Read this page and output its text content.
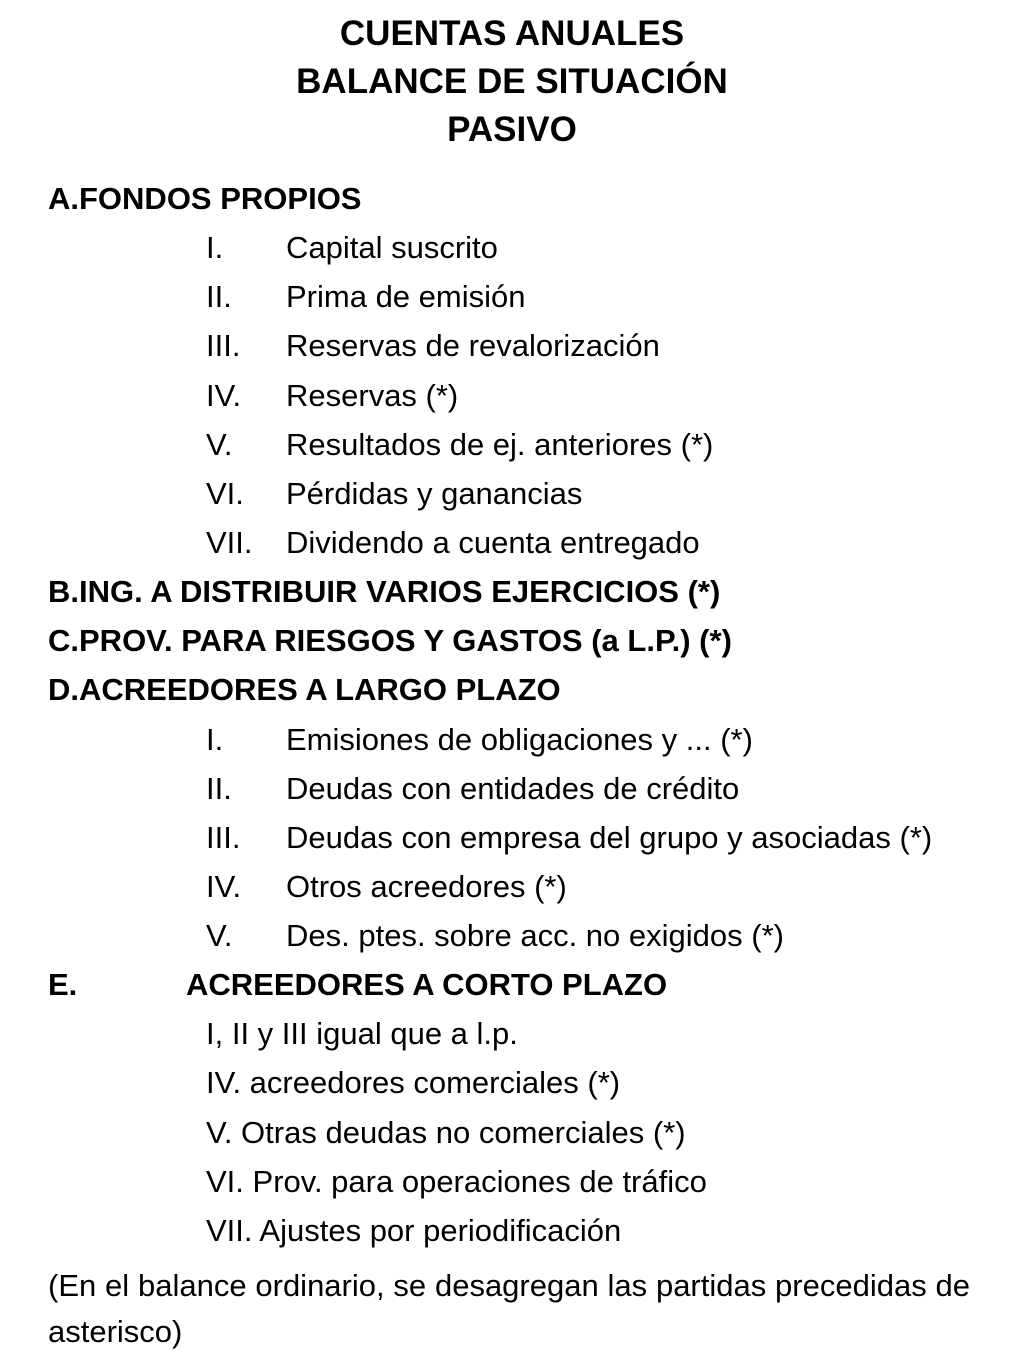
CUENTAS ANUALES
BALANCE DE SITUACIÓN
PASIVO
A.FONDOS PROPIOS
I. Capital suscrito
II. Prima de emisión
III. Reservas de revalorización
IV. Reservas (*)
V. Resultados de ej. anteriores (*)
VI. Pérdidas y ganancias
VII. Dividendo a cuenta entregado
B.ING. A DISTRIBUIR VARIOS EJERCICIOS (*)
C.PROV. PARA RIESGOS Y GASTOS (a L.P.) (*)
D.ACREEDORES A LARGO PLAZO
I. Emisiones de obligaciones y ... (*)
II. Deudas con entidades de crédito
III. Deudas con empresa del grupo y asociadas (*)
IV. Otros acreedores (*)
V. Des. ptes. sobre acc. no exigidos (*)
E.	ACREEDORES A CORTO PLAZO
I, II y III igual que a l.p.
IV. acreedores comerciales (*)
V. Otras deudas no comerciales (*)
VI. Prov. para operaciones de tráfico
VII. Ajustes por periodificación
(En el balance ordinario, se desagregan las partidas precedidas de asterisco)
